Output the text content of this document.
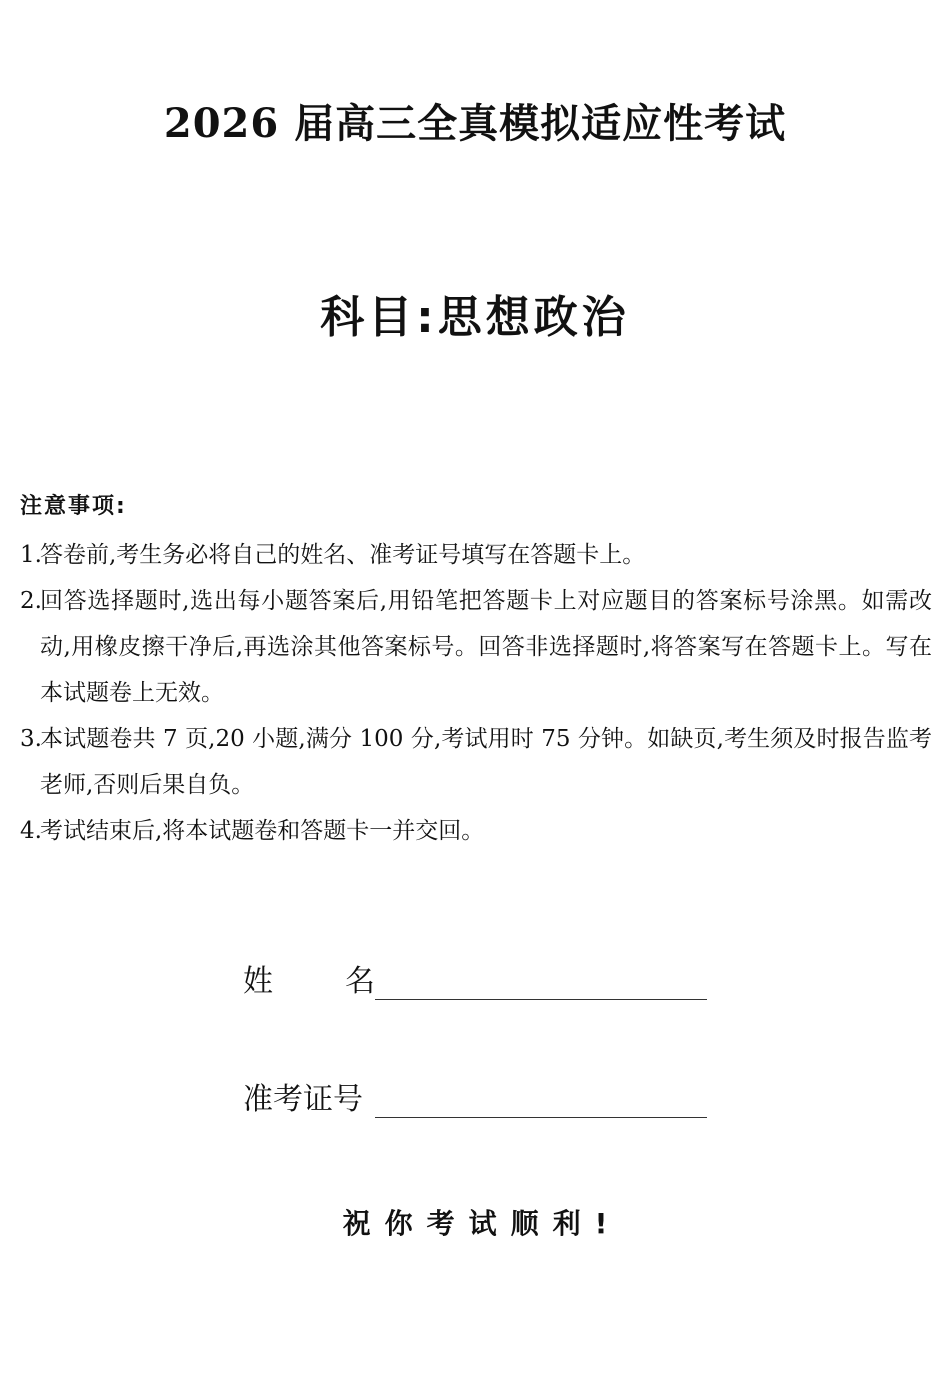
2026 届高三全真模拟适应性考试
科目:思想政治
注意事项:
1.
答卷前,考生务必将自己的姓名、准考证号填写在答题卡上。
2.
回答选择题时,选出每小题答案后,用铅笔把答题卡上对应题目的答案标号涂黑。如需改动,用橡皮擦干净后,再选涂其他答案标号。回答非选择题时,将答案写在答题卡上。写在本试题卷上无效。
3.
本试题卷共 7 页,20 小题,满分 100 分,考试用时 75 分钟。如缺页,考生须及时报告监考老师,否则后果自负。
4.
考试结束后,将本试题卷和答题卡一并交回。
姓 名
准考证号
祝你考试顺利!
